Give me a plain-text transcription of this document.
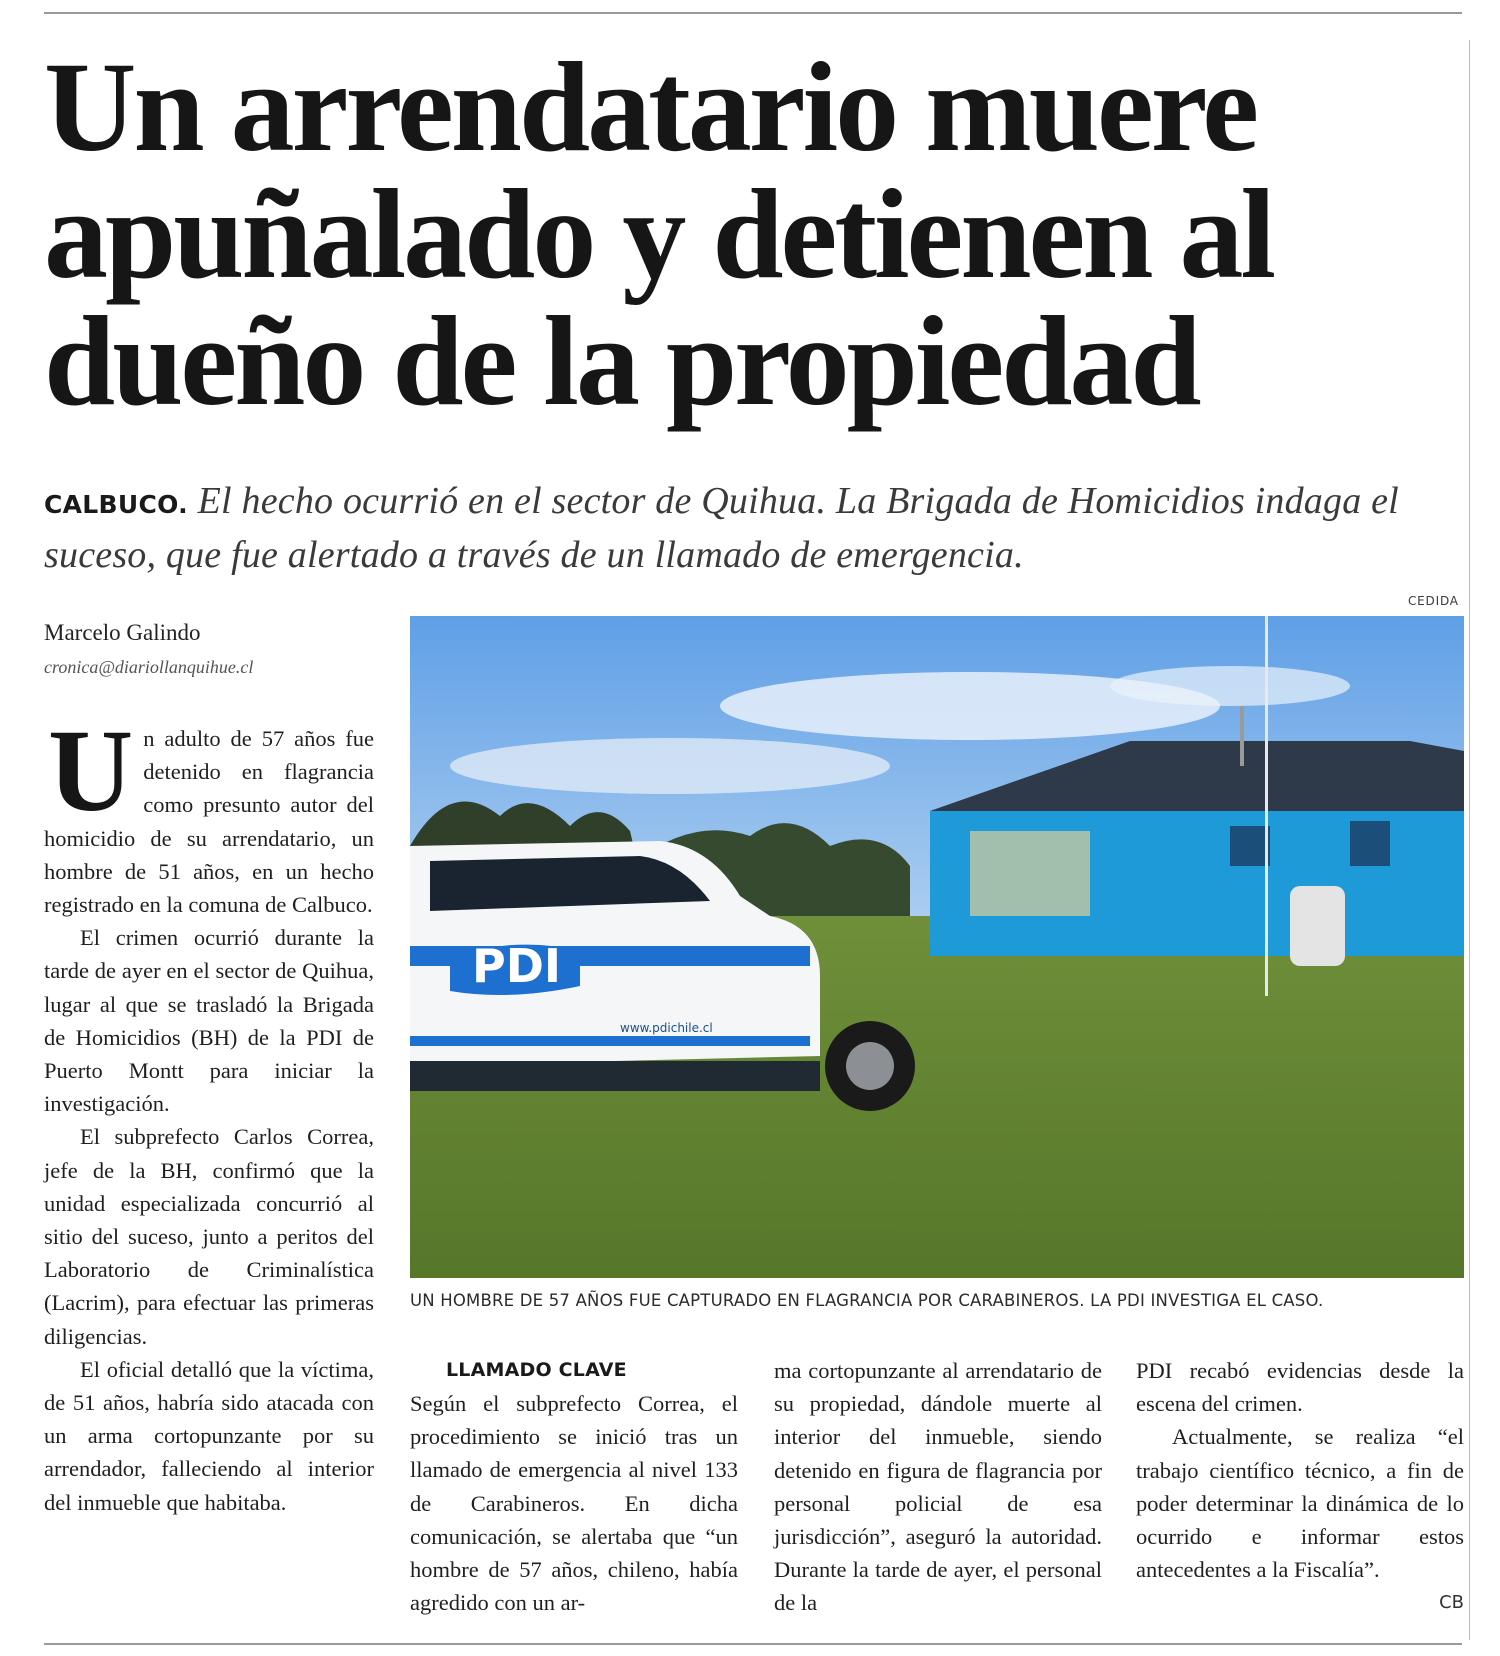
Un arrendatario muere
apuñalado y detienen al
dueño de la propiedad
CALBUCO. El hecho ocurrió en el sector de Quihua. La Brigada de Homicidios indaga el suceso, que fue alertado a través de un llamado de emergencia.
CEDIDA
Marcelo Galindo
cronica@diariollanquihue.cl
PDI
www.pdichile.cl
UN HOMBRE DE 57 AÑOS FUE CAPTURADO EN FLAGRANCIA POR CARABINEROS. LA PDI INVESTIGA EL CASO.
U n adulto de 57 años fue detenido en flagrancia como presunto autor del homicidio de su arrendatario, un hombre de 51 años, en un hecho registrado en la comuna de Calbuco.

El crimen ocurrió durante la tarde de ayer en el sector de Quihua, lugar al que se trasladó la Brigada de Homicidios (BH) de la PDI de Puerto Montt para iniciar la investigación.

El subprefecto Carlos Correa, jefe de la BH, confirmó que la unidad especializada concurrió al sitio del suceso, junto a peritos del Laboratorio de Criminalística (Lacrim), para efectuar las primeras diligencias.

El oficial detalló que la víctima, de 51 años, habría sido atacada con un arma cortopunzante por su arrendador, falleciendo al interior del inmueble que habitaba.

LLAMADO CLAVE

Según el subprefecto Correa, el procedimiento se inició tras un llamado de emergencia al nivel 133 de Carabineros. En dicha comunicación, se alertaba que “un hombre de 57 años, chileno, había agredido con un ar-

ma cortopunzante al arrendatario de su propiedad, dándole muerte al interior del inmueble, siendo detenido en figura de flagrancia por personal policial de esa jurisdicción”, aseguró la autoridad. Durante la tarde de ayer, el personal de la

PDI recabó evidencias desde la escena del crimen.

Actualmente, se realiza “el trabajo científico técnico, a fin de poder determinar la dinámica de lo ocurrido e informar estos antecedentes a la Fiscalía”.

CB
